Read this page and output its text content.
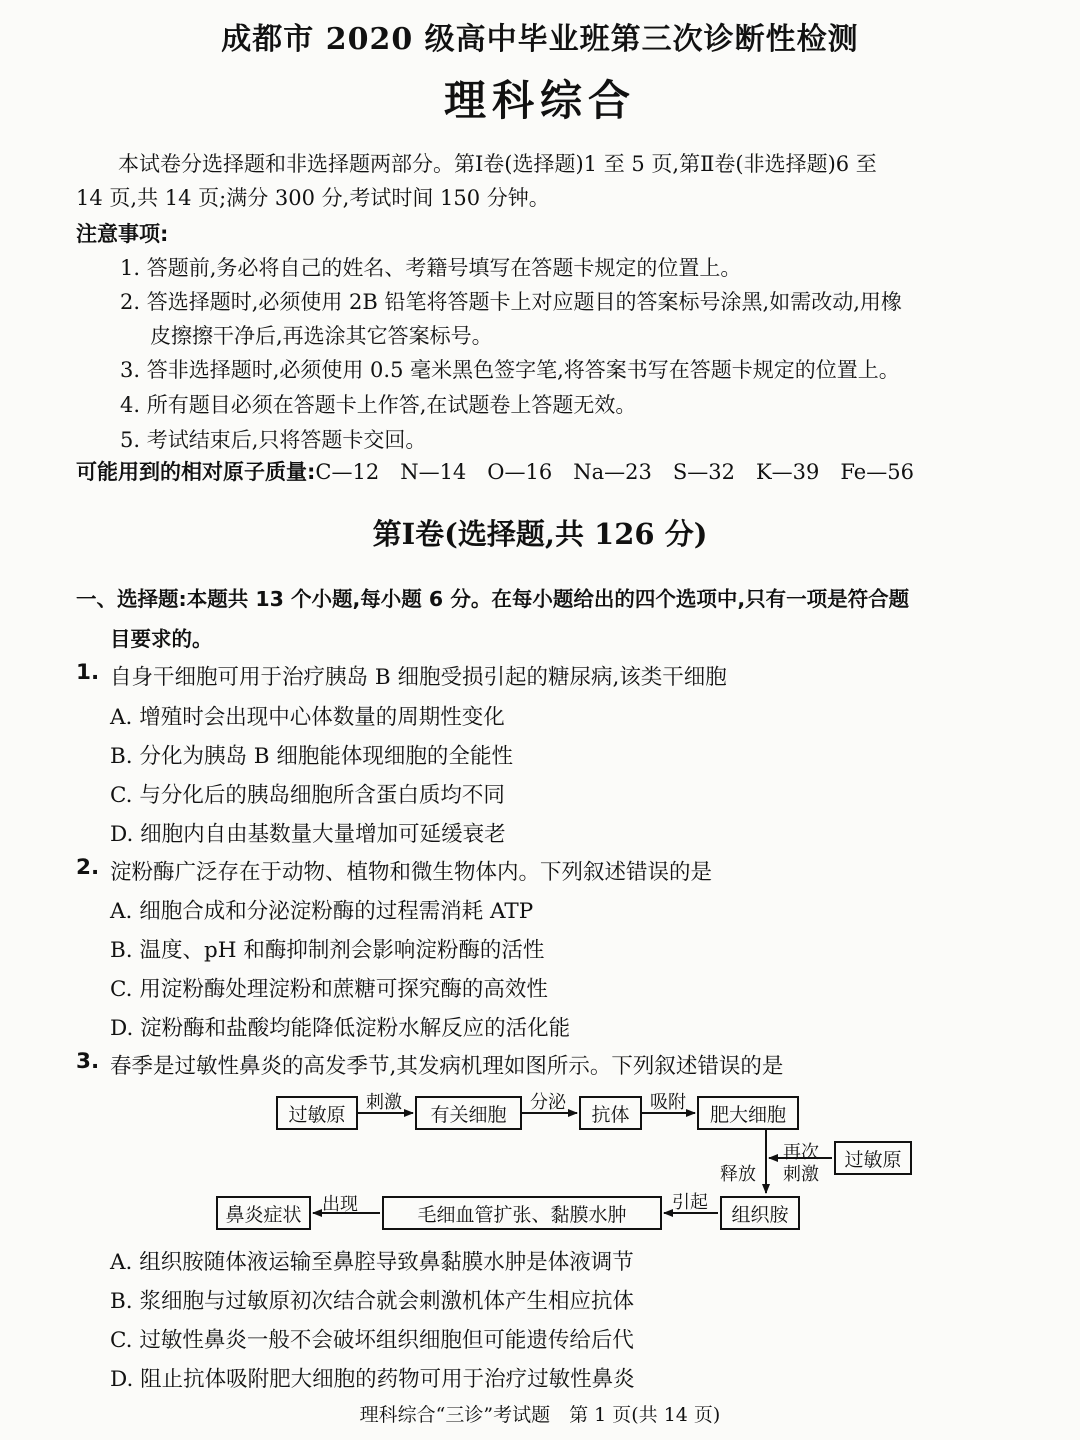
成都市 2020 级高中毕业班第三次诊断性检测
理科综合
本试卷分选择题和非选择题两部分。第Ⅰ卷(选择题)1 至 5 页,第Ⅱ卷(非选择题)6 至
14 页,共 14 页;满分 300 分,考试时间 150 分钟。
注意事项:
1. 答题前,务必将自己的姓名、考籍号填写在答题卡规定的位置上。
2. 答选择题时,必须使用 2B 铅笔将答题卡上对应题目的答案标号涂黑,如需改动,用橡
皮擦擦干净后,再选涂其它答案标号。
3. 答非选择题时,必须使用 0.5 毫米黑色签字笔,将答案书写在答题卡规定的位置上。
4. 所有题目必须在答题卡上作答,在试题卷上答题无效。
5. 考试结束后,只将答题卡交回。
可能用到的相对原子质量:C—12　N—14　O—16　Na—23　S—32　K—39　Fe—56
第Ⅰ卷(选择题,共 126 分)
一、选择题:本题共 13 个小题,每小题 6 分。在每小题给出的四个选项中,只有一项是符合题
目要求的。
1. 自身干细胞可用于治疗胰岛 B 细胞受损引起的糖尿病,该类干细胞
A. 增殖时会出现中心体数量的周期性变化
B. 分化为胰岛 B 细胞能体现细胞的全能性
C. 与分化后的胰岛细胞所含蛋白质均不同
D. 细胞内自由基数量大量增加可延缓衰老
2. 淀粉酶广泛存在于动物、植物和微生物体内。下列叙述错误的是
A. 细胞合成和分泌淀粉酶的过程需消耗 ATP
B. 温度、pH 和酶抑制剂会影响淀粉酶的活性
C. 用淀粉酶处理淀粉和蔗糖可探究酶的高效性
D. 淀粉酶和盐酸均能降低淀粉水解反应的活化能
3. 春季是过敏性鼻炎的高发季节,其发病机理如图所示。下列叙述错误的是
过敏原	有关细胞	抗体	肥大细胞
过敏原
组织胺
毛细血管扩张、黏膜水肿
鼻炎症状
刺激	分泌	吸附
再次
刺激
释放
引起
出现
A. 组织胺随体液运输至鼻腔导致鼻黏膜水肿是体液调节
B. 浆细胞与过敏原初次结合就会刺激机体产生相应抗体
C. 过敏性鼻炎一般不会破坏组织细胞但可能遗传给后代
D. 阻止抗体吸附肥大细胞的药物可用于治疗过敏性鼻炎
理科综合“三诊”考试题　第 1 页(共 14 页)
